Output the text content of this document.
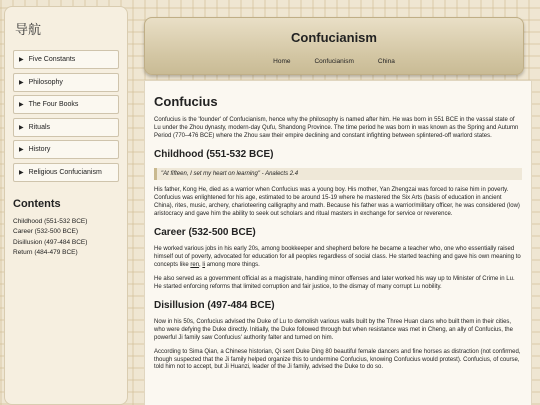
导航
▶ Five Constants
▶ Philosophy
▶ The Four Books
▶ Rituals
▶ History
▶ Religious Confucianism
Contents
Childhood (551-532 BCE)
Career (532-500 BCE)
Disillusion (497-484 BCE)
Return (484-479 BCE)
Confucianism
Home	Confucianism	China
Confucius

Confucius is the 'founder' of Confucianism, hence why the philosophy is named after him. He was born in 551 BCE in the vassal state of Lu under the Zhou dynasty, modern-day Qufu, Shandong Province. The time period he was born in was known as the Spring and Autumn Period (770–476 BCE) where the Zhou saw their empire declining and constant infighting between splintered-off warlord states.

Childhood (551-532 BCE)
"At fifteen, I set my heart on learning" - Analects 2.4

His father, Kong He, died as a warrior when Confucius was a young boy. His mother, Yan Zhengzai was forced to raise him in poverty. Confucius was enlightened for his age, estimated to be around 15-19 where he mastered the Six Arts (basis of education in ancient China), rites, music, archery, charioteering calligraphy and math. Because his father was a warrior/military officer, he was considered (low) aristocracy and gave him the ability to seek out scholars and ritual masters in exchange for service or reverence.

Career (532-500 BCE)

He worked various jobs in his early 20s, among bookkeeper and shepherd before he became a teacher who, one who essentially raised himself out of poverty, advocated for education for all peoples regardless of social class. He started teaching and gave his own meaning to concepts like ren, li among more things.

He also served as a government official as a magistrate, handling minor offenses and later worked his way up to Minister of Crime in Lu. He started enforcing reforms that limited corruption and fair justice, to the dismay of many corrupt Lu nobility.

Disillusion (497-484 BCE)

Now in his 50s, Confucius advised the Duke of Lu to demolish various walls built by the Three Huan clans who built them in their cities, who were defying the Duke directly. Initially, the Duke followed through but when resistance was met in Cheng, an ally of Confucius, the powerful Ji family saw Confucius' authority falter and turned on him.

According to Sima Qian, a Chinese historian, Qi sent Duke Ding 80 beautiful female dancers and fine horses as distraction (not confirmed, though suspected that the Ji family helped organize this to undermine Confucius, knowing Confucius would protest). Confucius, of course, told him not to accept, but Ji Huanzi, leader of the Ji family, advised the Duke to do so.
